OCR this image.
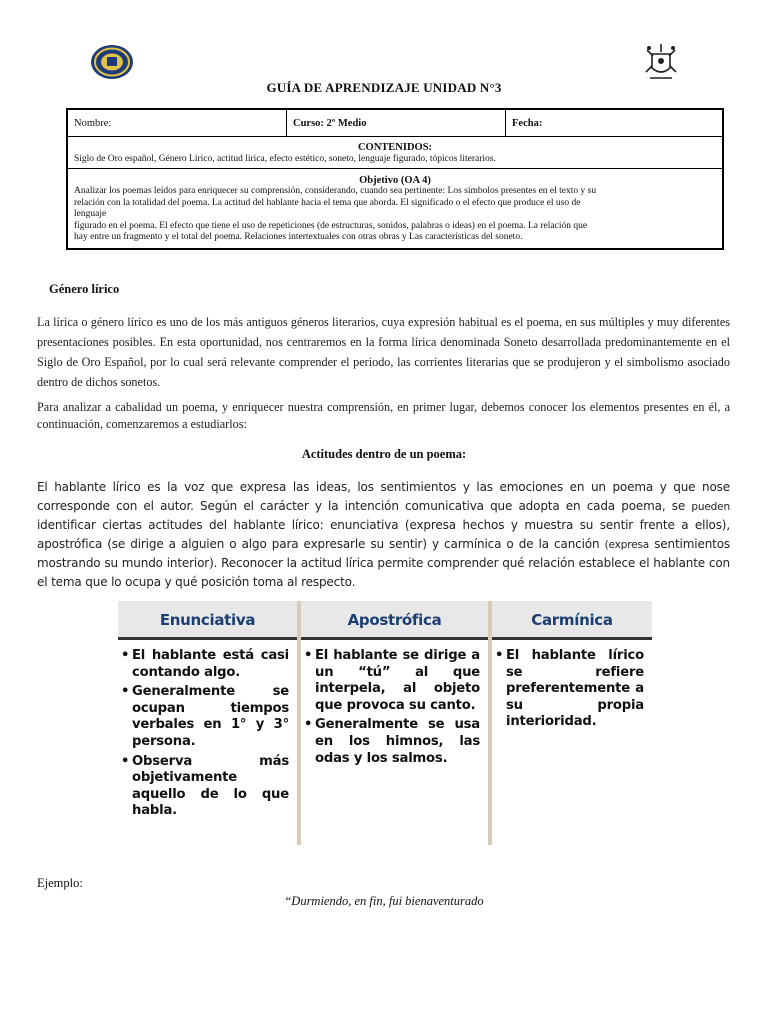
GUÍA DE APRENDIZAJE UNIDAD N°3
Nombre:	Curso: 2º Medio	Fecha:
CONTENIDOS:
Siglo de Oro español, Género Lírico, actitud lírica, efecto estético, soneto, lenguaje figurado, tópicos literarios.
Objetivo (OA 4)
Analizar los poemas leídos para enriquecer su comprensión, considerando, cuando sea pertinente: Los símbolos presentes en el texto y su
relación con la totalidad del poema. La actitud del hablante hacia el tema que aborda. El significado o el efecto que produce el uso de
lenguaje
figurado en el poema. El efecto que tiene el uso de repeticiones (de estructuras, sonidos, palabras o ideas) en el poema. La relación que
hay entre un fragmento y el total del poema. Relaciones intertextuales con otras obras y Las características del soneto.
Género lírico
La lírica o género lírico es uno de los más antiguos géneros literarios, cuya expresión habitual es el poema, en sus múltiples y muy diferentes presentaciones posibles. En esta oportunidad, nos centraremos en la forma lírica denominada Soneto desarrollada predominantemente en el Siglo de Oro Español, por lo cual será relevante comprender el periodo, las corrientes literarias que se produjeron y el simbolismo asociado dentro de dichos sonetos.
Para analizar a cabalidad un poema, y enriquecer nuestra comprensión, en primer lugar, debemos conocer los elementos presentes en él, a continuación, comenzaremos a estudiarlos:
Actitudes dentro de un poema:
El hablante lírico es la voz que expresa las ideas, los sentimientos y las emociones en un poema y que nose corresponde con el autor. Según el carácter y la intención comunicativa que adopta en cada poema, se pueden identificar ciertas actitudes del hablante lírico: enunciativa (expresa hechos y muestra su sentir frente a ellos), apostrófica (se dirige a alguien o algo para expresarle su sentir) y carmínica o de la canción (expresa sentimientos mostrando su mundo interior). Reconocer la actitud lírica permite comprender qué relación establece el hablante con el tema que lo ocupa y qué posición toma al respecto.
Enunciativa
• El hablante está casi contando algo.
• Generalmente se ocupan tiempos verbales en 1° y 3° persona.
• Observa más objetivamente aquello de lo que habla.
Apostrófica
• El hablante se dirige a un “tú” al que interpela, al objeto que provoca su canto.
• Generalmente se usa en los himnos, las odas y los salmos.
Carmínica
• El hablante lírico se refiere preferentemente a su propia interioridad.
Ejemplo:
“Durmiendo, en fin, fui bienaventurado
